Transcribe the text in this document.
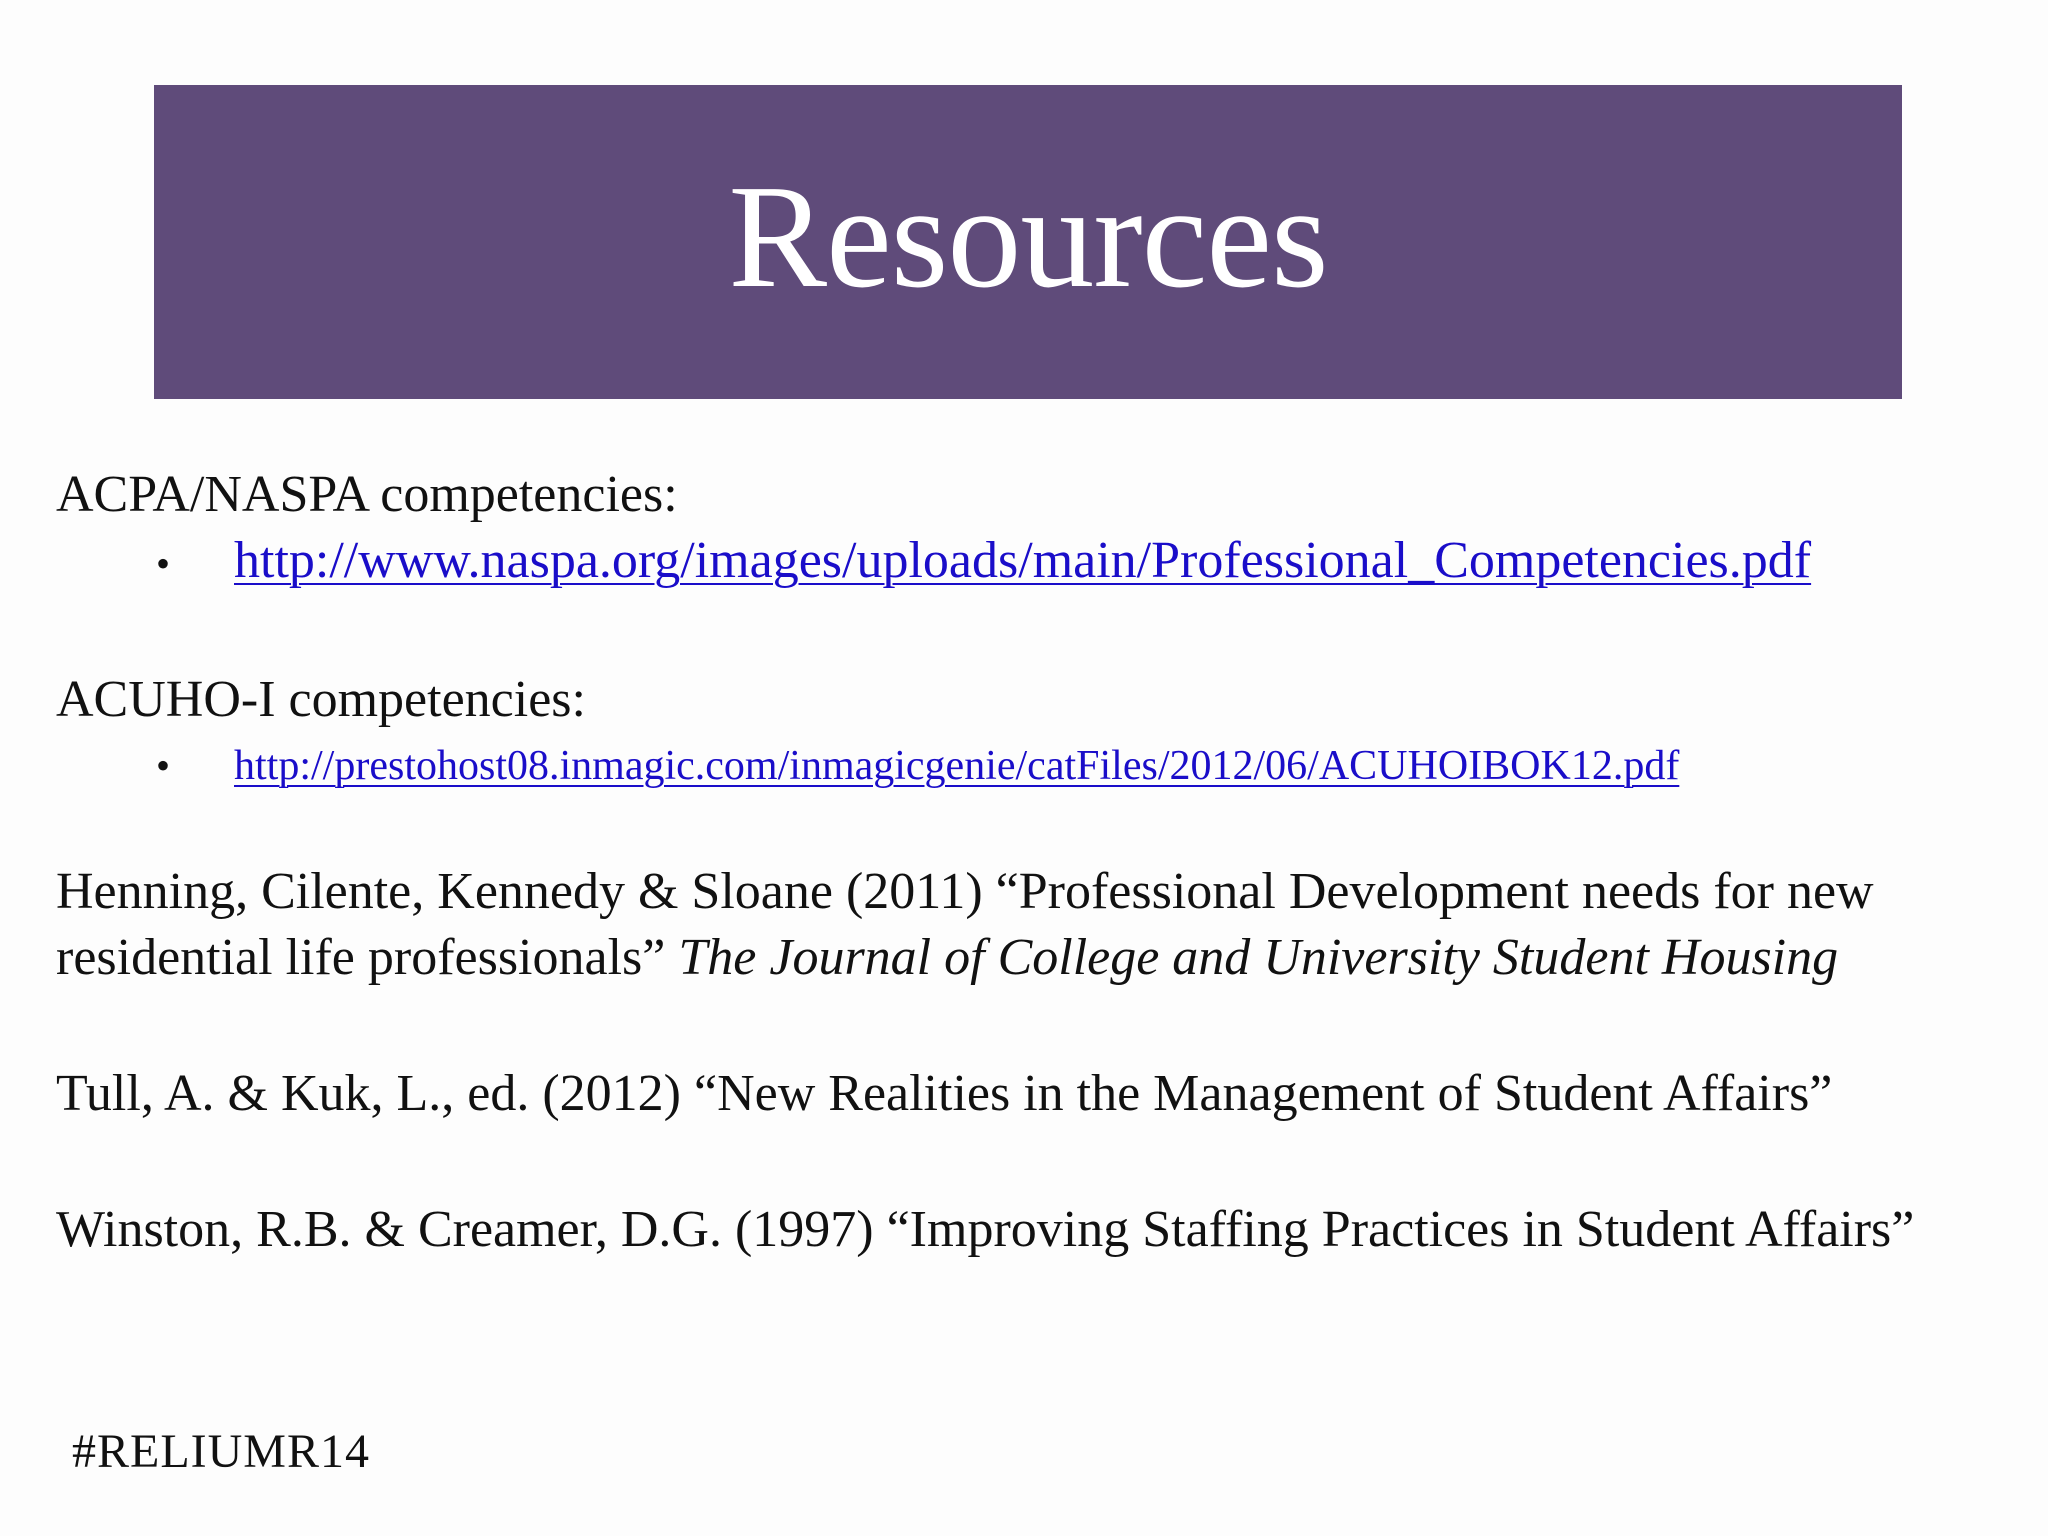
Resources

ACPA/NASPA competencies:

•	http://www.naspa.org/images/uploads/main/Professional_Competencies.pdf

ACUHO-I competencies:

•	http://prestohost08.inmagic.com/inmagicgenie/catFiles/2012/06/ACUHOIBOK12.pdf

Henning, Cilente, Kennedy & Sloane (2011) “Professional Development needs for new

residential life professionals” The Journal of College and University Student Housing

Tull, A. & Kuk, L., ed. (2012) “New Realities in the Management of Student Affairs”

Winston, R.B. & Creamer, D.G. (1997) “Improving Staffing Practices in Student Affairs”

#RELIUMR14
